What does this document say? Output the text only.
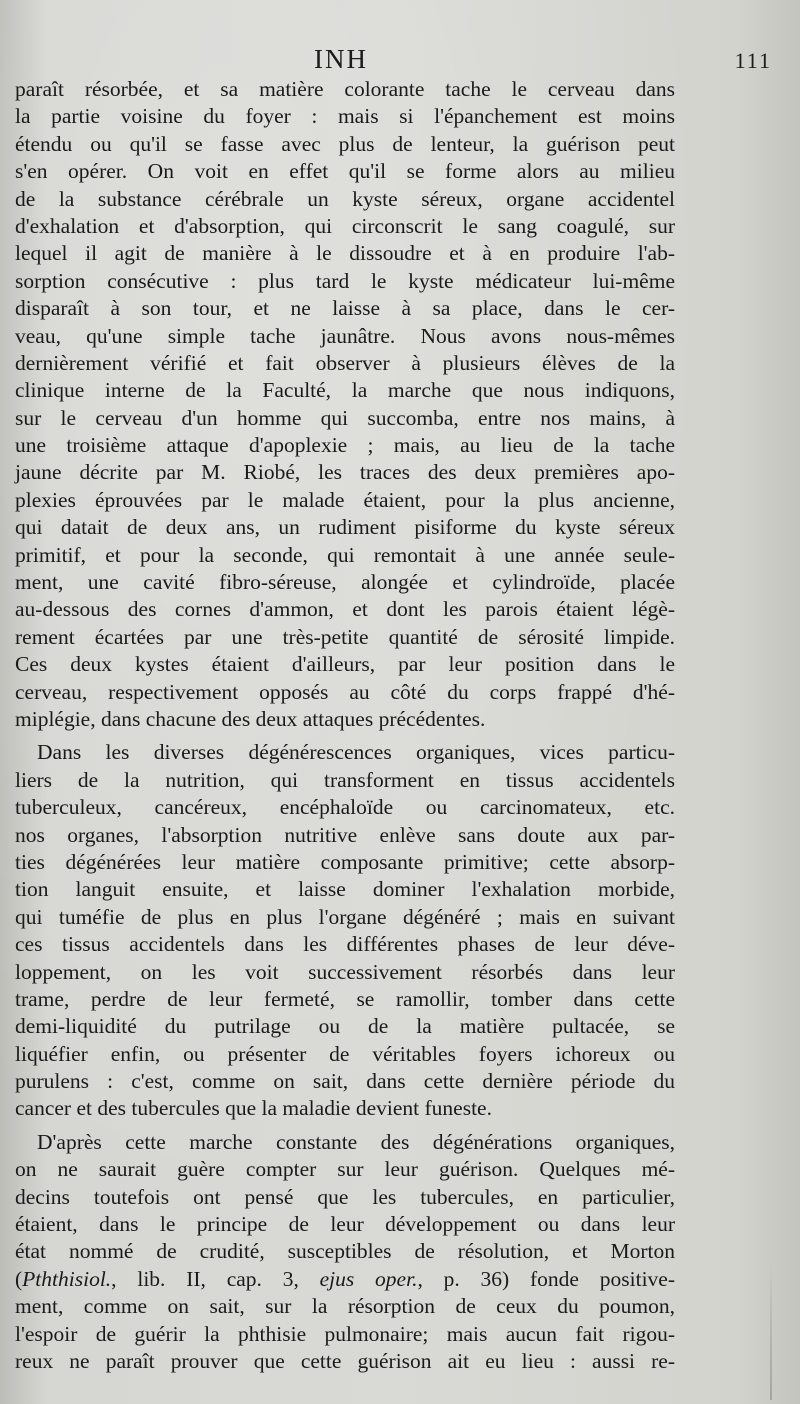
INH	111
paraît résorbée, et sa matière colorante tache le cerveau dans
la partie voisine du foyer : mais si l'épanchement est moins
étendu ou qu'il se fasse avec plus de lenteur, la guérison peut
s'en opérer. On voit en effet qu'il se forme alors au milieu
de la substance cérébrale un kyste séreux, organe accidentel
d'exhalation et d'absorption, qui circonscrit le sang coagulé, sur
lequel il agit de manière à le dissoudre et à en produire l'ab-
sorption consécutive : plus tard le kyste médicateur lui-même
disparaît à son tour, et ne laisse à sa place, dans le cer-
veau, qu'une simple tache jaunâtre. Nous avons nous-mêmes
dernièrement vérifié et fait observer à plusieurs élèves de la
clinique interne de la Faculté, la marche que nous indiquons,
sur le cerveau d'un homme qui succomba, entre nos mains, à
une troisième attaque d'apoplexie ; mais, au lieu de la tache
jaune décrite par M. Riobé, les traces des deux premières apo-
plexies éprouvées par le malade étaient, pour la plus ancienne,
qui datait de deux ans, un rudiment pisiforme du kyste séreux
primitif, et pour la seconde, qui remontait à une année seule-
ment, une cavité fibro-séreuse, alongée et cylindroïde, placée
au-dessous des cornes d'ammon, et dont les parois étaient légè-
rement écartées par une très-petite quantité de sérosité limpide.
Ces deux kystes étaient d'ailleurs, par leur position dans le
cerveau, respectivement opposés au côté du corps frappé d'hé-
miplégie, dans chacune des deux attaques précédentes.
Dans les diverses dégénérescences organiques, vices particu-
liers de la nutrition, qui transforment en tissus accidentels
tuberculeux, cancéreux, encéphaloïde ou carcinomateux, etc.
nos organes, l'absorption nutritive enlève sans doute aux par-
ties dégénérées leur matière composante primitive; cette absorp-
tion languit ensuite, et laisse dominer l'exhalation morbide,
qui tuméfie de plus en plus l'organe dégénéré ; mais en suivant
ces tissus accidentels dans les différentes phases de leur déve-
loppement, on les voit successivement résorbés dans leur
trame, perdre de leur fermeté, se ramollir, tomber dans cette
demi-liquidité du putrilage ou de la matière pultacée, se
liquéfier enfin, ou présenter de véritables foyers ichoreux ou
purulens : c'est, comme on sait, dans cette dernière période du
cancer et des tubercules que la maladie devient funeste.
D'après cette marche constante des dégénérations organiques,
on ne saurait guère compter sur leur guérison. Quelques mé-
decins toutefois ont pensé que les tubercules, en particulier,
étaient, dans le principe de leur développement ou dans leur
état nommé de crudité, susceptibles de résolution, et Morton
(Pththisiol., lib. II, cap. 3, ejus oper., p. 36) fonde positive-
ment, comme on sait, sur la résorption de ceux du poumon,
l'espoir de guérir la phthisie pulmonaire; mais aucun fait rigou-
reux ne paraît prouver que cette guérison ait eu lieu : aussi re-
